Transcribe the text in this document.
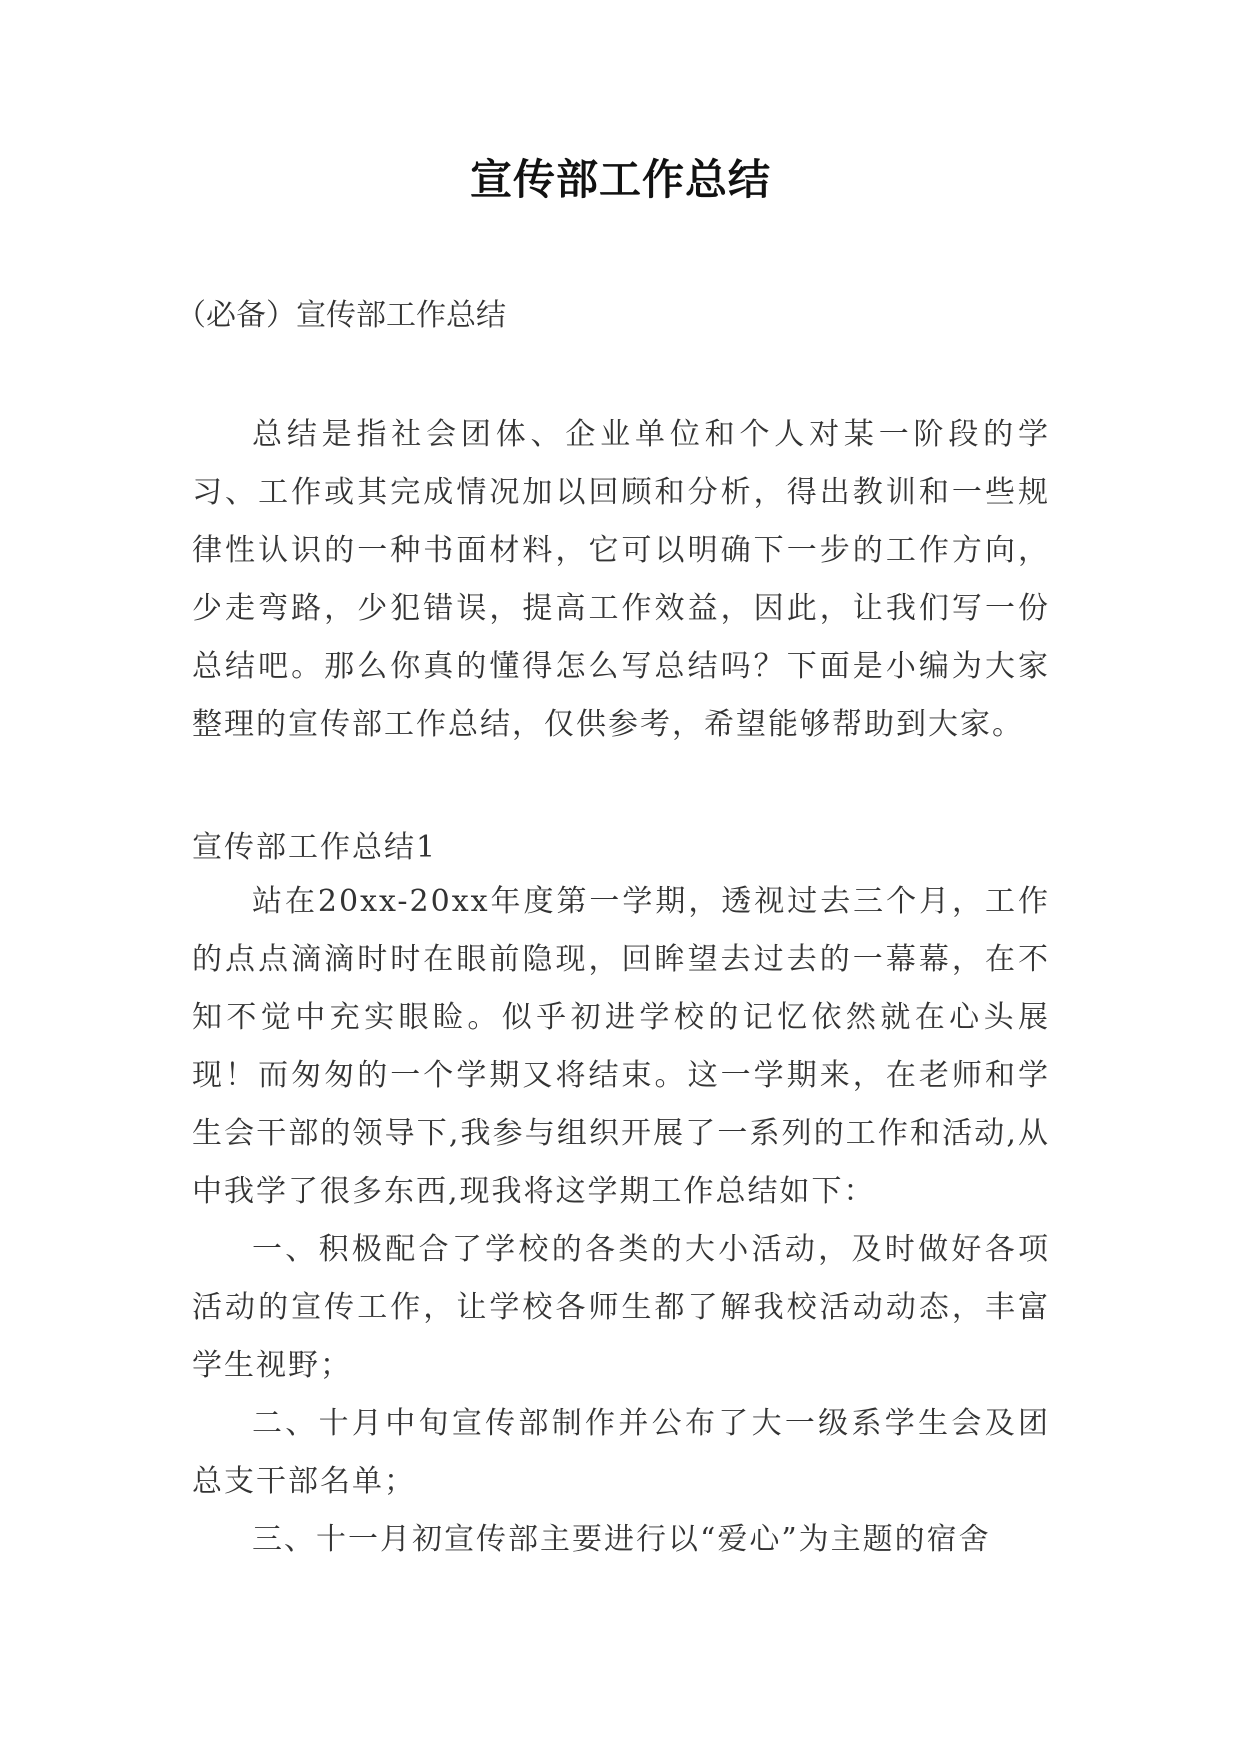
宣传部工作总结
（必备）宣传部工作总结

总结是指社会团体、企业单位和个人对某一阶段的学习、工作或其完成情况加以回顾和分析，得出教训和一些规律性认识的一种书面材料，它可以明确下一步的工作方向，少走弯路，少犯错误，提高工作效益，因此，让我们写一份总结吧。那么你真的懂得怎么写总结吗？下面是小编为大家整理的宣传部工作总结，仅供参考，希望能够帮助到大家。

宣传部工作总结1

站在20xx-20xx年度第一学期，透视过去三个月，工作的点点滴滴时时在眼前隐现，回眸望去过去的一幕幕，在不知不觉中充实眼睑。似乎初进学校的记忆依然就在心头展现！而匆匆的一个学期又将结束。这一学期来，在老师和学生会干部的领导下,我参与组织开展了一系列的工作和活动,从中我学了很多东西,现我将这学期工作总结如下：

一、积极配合了学校的各类的大小活动，及时做好各项活动的宣传工作，让学校各师生都了解我校活动动态，丰富学生视野；

二、十月中旬宣传部制作并公布了大一级系学生会及团总支干部名单；

三、十一月初宣传部主要进行以“爱心”为主题的宿舍
